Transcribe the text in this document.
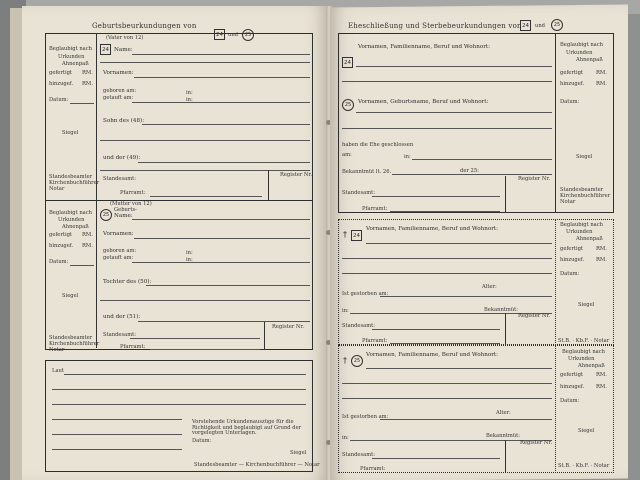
Geburtsbeurkundungen von
24 und	25
Beglaubigt nach
Urkunden
Ahnenpaß
gefertigt RM.
hinzugef. RM.
Datum:
Siegel
Standesbeamter
Kirchenbuchführer
Notar
(Vater von 12)
24 Name:
Vornamen:
geboren am:	in:
getauft am:	in:
Sohn des (48):
und der (49):
Standesamt:
Register Nr.
Pfarramt:
Beglaubigt nach
Urkunden
Ahnenpaß
gefertigt RM.
hinzugef. RM.
Datum:
Siegel
Standesbeamter
Kirchenbuchführer
Notar
(Mutter von 12)
25
Geburts-
Name:
Vornamen:
geboren am:	in:
getauft am:	in:
Tochter des (50):
und der (51):
Standesamt:
Register Nr.
Pfarramt:
Laut
Vorstehende Urkundenauszüge für die Richtigkeit und beglaubigt auf Grund der vorgelegten Unterlagen.
Datum:
Siegel
Standesbeamter — Kirchenbuchführer — Notar
Eheschließung und Sterbebeurkundungen von 24	und	25
24
Vornamen, Familienname, Beruf und Wohnort:
25	Vornamen, Geburtsname, Beruf und Wohnort:
haben die Ehe geschlossen
am:	in:
Bekanntmüt lt. 26.	der 25:
Standesamt:
Register Nr.
Pfarramt:
Beglaubigt nach
Urkunden
Ahnenpaß
gefertigt RM.
hinzugef. RM.
Datum:
Siegel
Standesbeamter
Kirchenbuchführer
Notar
†	24
Vornamen, Familienname, Beruf und Wohnort:
Alter:
Ist gestorben am:
in:	Bekanntmüt:
Standesamt:
Register Nr.
Pfarramt:
Beglaubigt nach
Urkunden
Ahnenpaß
gefertigt RM.
hinzugef. RM.
Datum:
Siegel
St.B. · Kb.F. · Notar
†	25
Vornamen, Familienname, Beruf und Wohnort:
Alter:
Ist gestorben am:
in:	Bekanntmüt:
Standesamt:
Register Nr.
Pfarramt:
Beglaubigt nach
Urkunden
Ahnenpaß
gefertigt RM.
hinzugef. RM.
Datum:
Siegel
St.B. · Kb.F. · Notar
